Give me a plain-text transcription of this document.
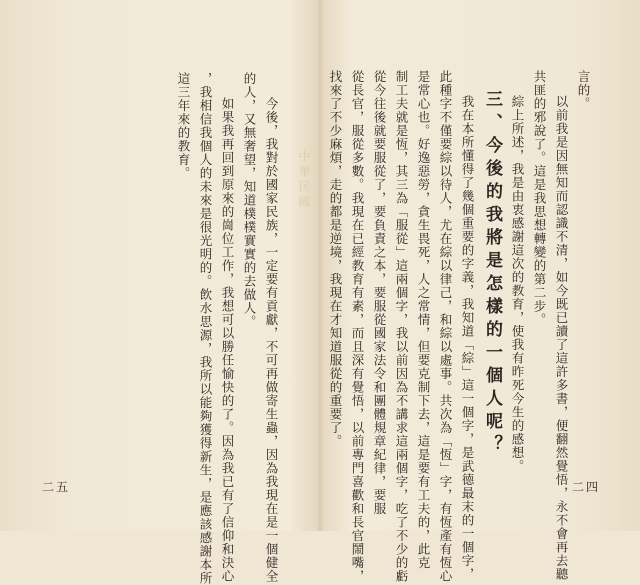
中華民國
今後，我對於國家民族，一定要有貢獻，不可再做寄生蟲，因為我現在是一個健全
的人，又無奢望，知道樸樸實實的去做人。
如果我再回到原來的崗位工作，我想可以勝任愉快的了。因為我已有了信仰和決心
，我相信我個人的未來是很光明的。飲水思源，我所以能夠獲得新生，是應該感謝本所
這三年來的教育。
二五
言的。
以前我是因無知而認識不清，如今既已讀了這許多書，便翻然覺悟，永不會再去聽
共匪的邪說了。這是我思想轉變的第二步。
綜上所述，我是由衷感謝這次的教育，使我有昨死今生的感想。
三、今後的我將是怎樣的一個人呢？
我在本所懂得了幾個重要的字義，我知道「綜」這一個字，是武德最末的一個字，
此種字不僅要綜以待人，尤在綜以律己，和綜以處事。共次為「恆」字，有恆產有恆心
是常心也。好逸惡勞，貪生畏死，人之常情，但要克制下去，這是要有工夫的，此克
制工夫就是恆，其三為「服從」這兩個字，我以前因為不講求這兩個字，吃了不少的虧
從今往後就要服從了，要負責之本，要服從國家法令和團體規章紀律，要服
從長官，服從多數。我現在已經教育有素，而且深有覺悟，以前專門喜歡和長官鬧嘴，
找來了不少麻煩，走的都是逆境，我現在才知道服從的重要了。
二四
